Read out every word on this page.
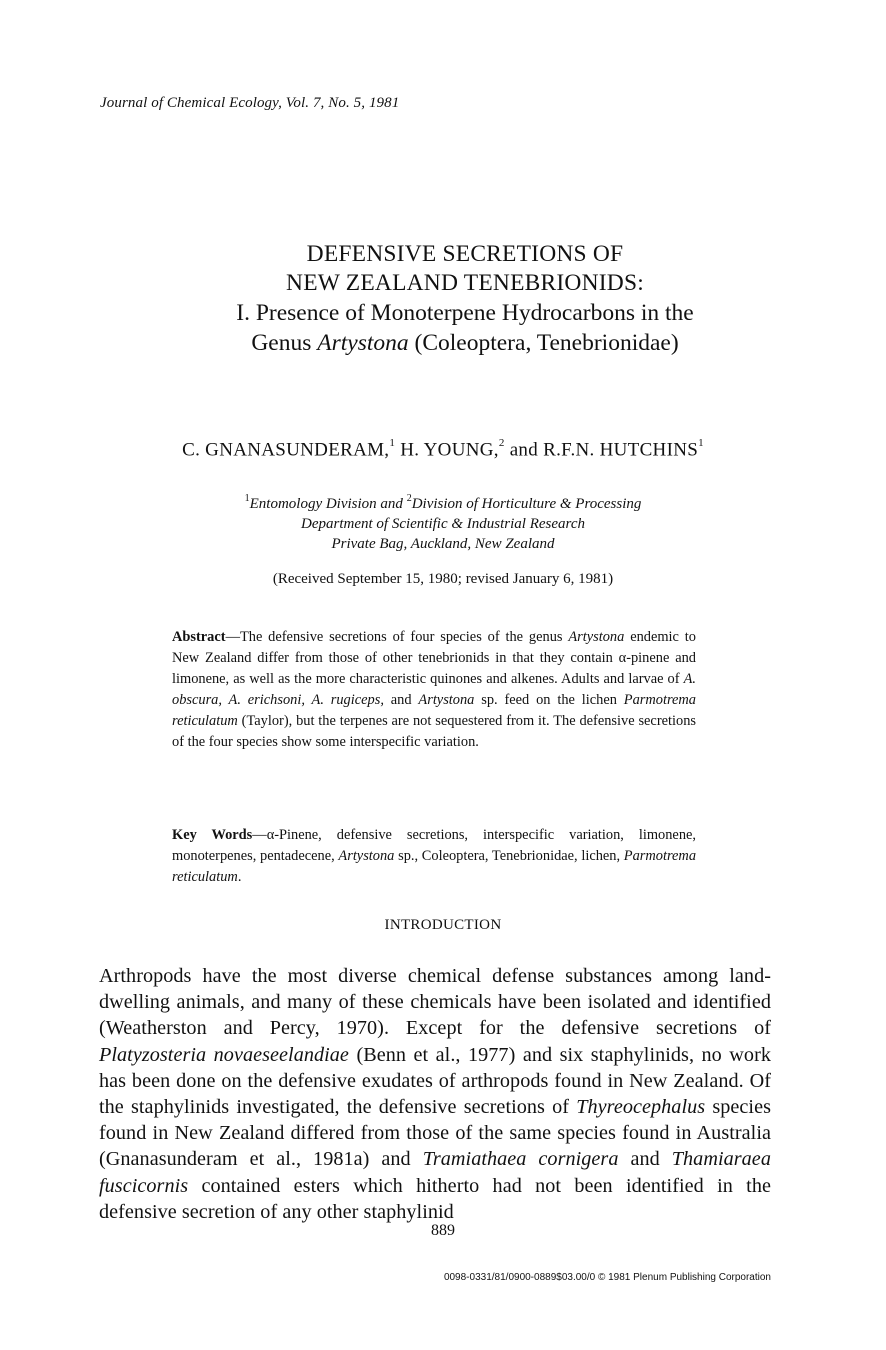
Journal of Chemical Ecology, Vol. 7, No. 5, 1981
DEFENSIVE SECRETIONS OF
NEW ZEALAND TENEBRIONIDS:
I. Presence of Monoterpene Hydrocarbons in the
Genus Artystona (Coleoptera, Tenebrionidae)
C. GNANASUNDERAM,$^1$ H. YOUNG,$^2$ and R.F.N. HUTCHINS$^1$
$^1$Entomology Division and $^2$Division of Horticulture & Processing
Department of Scientific & Industrial Research
Private Bag, Auckland, New Zealand
(Received September 15, 1980; revised January 6, 1981)
Abstract—The defensive secretions of four species of the genus Artystona endemic to New Zealand differ from those of other tenebrionids in that they contain α-pinene and limonene, as well as the more characteristic quinones and alkenes. Adults and larvae of A. obscura, A. erichsoni, A. rugiceps, and Artystona sp. feed on the lichen Parmotrema reticulatum (Taylor), but the terpenes are not sequestered from it. The defensive secretions of the four species show some interspecific variation.
Key Words—α-Pinene, defensive secretions, interspecific variation, limonene, monoterpenes, pentadecene, Artystona sp., Coleoptera, Tenebrionidae, lichen, Parmotrema reticulatum.
INTRODUCTION
Arthropods have the most diverse chemical defense substances among land-dwelling animals, and many of these chemicals have been isolated and identified (Weatherston and Percy, 1970). Except for the defensive secretions of Platyzosteria novaeseelandiae (Benn et al., 1977) and six staphylinids, no work has been done on the defensive exudates of arthropods found in New Zealand. Of the staphylinids investigated, the defensive secretions of Thyreocephalus species found in New Zealand differed from those of the same species found in Australia (Gnanasunderam et al., 1981a) and Tramiathaea cornigera and Thamiaraea fuscicornis contained esters which hitherto had not been identified in the defensive secretion of any other staphylinid
889
0098-0331/81/0900-0889$03.00/0 © 1981 Plenum Publishing Corporation
